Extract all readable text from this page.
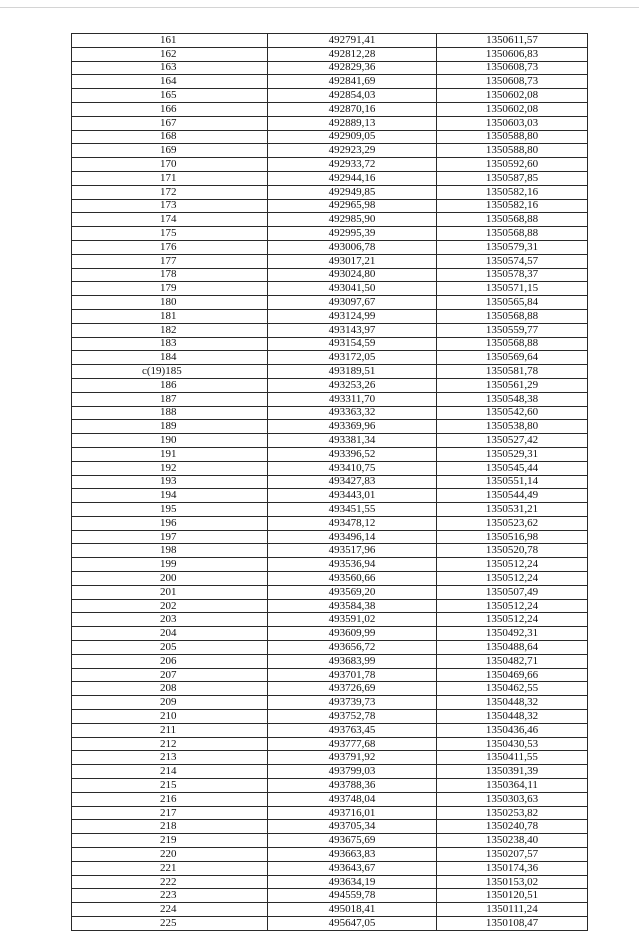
161	492791,41	1350611,57
162	492812,28	1350606,83
163	492829,36	1350608,73
164	492841,69	1350608,73
165	492854,03	1350602,08
166	492870,16	1350602,08
167	492889,13	1350603,03
168	492909,05	1350588,80
169	492923,29	1350588,80
170	492933,72	1350592,60
171	492944,16	1350587,85
172	492949,85	1350582,16
173	492965,98	1350582,16
174	492985,90	1350568,88
175	492995,39	1350568,88
176	493006,78	1350579,31
177	493017,21	1350574,57
178	493024,80	1350578,37
179	493041,50	1350571,15
180	493097,67	1350565,84
181	493124,99	1350568,88
182	493143,97	1350559,77
183	493154,59	1350568,88
184	493172,05	1350569,64
c(19)185	493189,51	1350581,78
186	493253,26	1350561,29
187	493311,70	1350548,38
188	493363,32	1350542,60
189	493369,96	1350538,80
190	493381,34	1350527,42
191	493396,52	1350529,31
192	493410,75	1350545,44
193	493427,83	1350551,14
194	493443,01	1350544,49
195	493451,55	1350531,21
196	493478,12	1350523,62
197	493496,14	1350516,98
198	493517,96	1350520,78
199	493536,94	1350512,24
200	493560,66	1350512,24
201	493569,20	1350507,49
202	493584,38	1350512,24
203	493591,02	1350512,24
204	493609,99	1350492,31
205	493656,72	1350488,64
206	493683,99	1350482,71
207	493701,78	1350469,66
208	493726,69	1350462,55
209	493739,73	1350448,32
210	493752,78	1350448,32
211	493763,45	1350436,46
212	493777,68	1350430,53
213	493791,92	1350411,55
214	493799,03	1350391,39
215	493788,36	1350364,11
216	493748,04	1350303,63
217	493716,01	1350253,82
218	493705,34	1350240,78
219	493675,69	1350238,40
220	493663,83	1350207,57
221	493643,67	1350174,36
222	493634,19	1350153,02
223	494559,78	1350120,51
224	495018,41	1350111,24
225	495647,05	1350108,47
